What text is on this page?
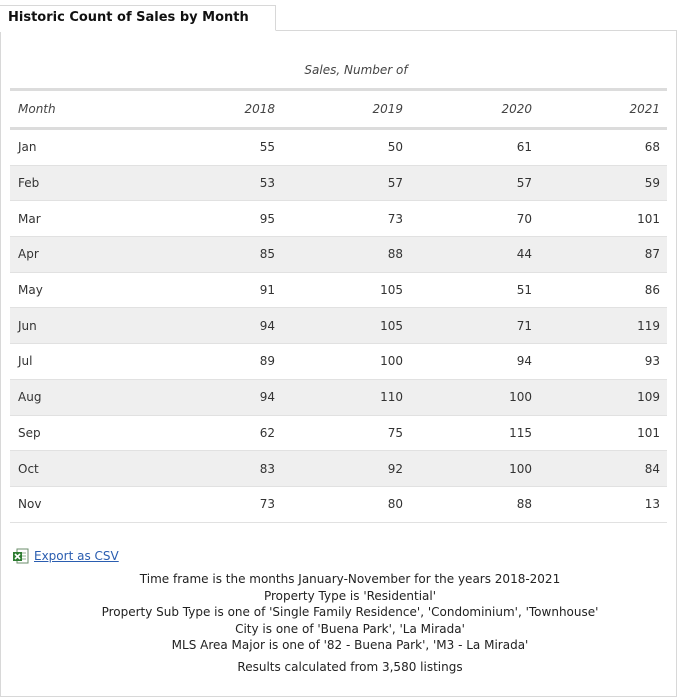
Historic Count of Sales by Month
Sales, Number of
Month	2018	2019	2020	2021
Jan	55	50	61	68
Feb	53	57	57	59
Mar	95	73	70	101
Apr	85	88	44	87
May	91	105	51	86
Jun	94	105	71	119
Jul	89	100	94	93
Aug	94	110	100	109
Sep	62	75	115	101
Oct	83	92	100	84
Nov	73	80	88	13
Export as CSV
Time frame is the months January-November for the years 2018-2021
Property Type is 'Residential'
Property Sub Type is one of 'Single Family Residence', 'Condominium', 'Townhouse'
City is one of 'Buena Park', 'La Mirada'
MLS Area Major is one of '82 - Buena Park', 'M3 - La Mirada'
Results calculated from 3,580 listings
